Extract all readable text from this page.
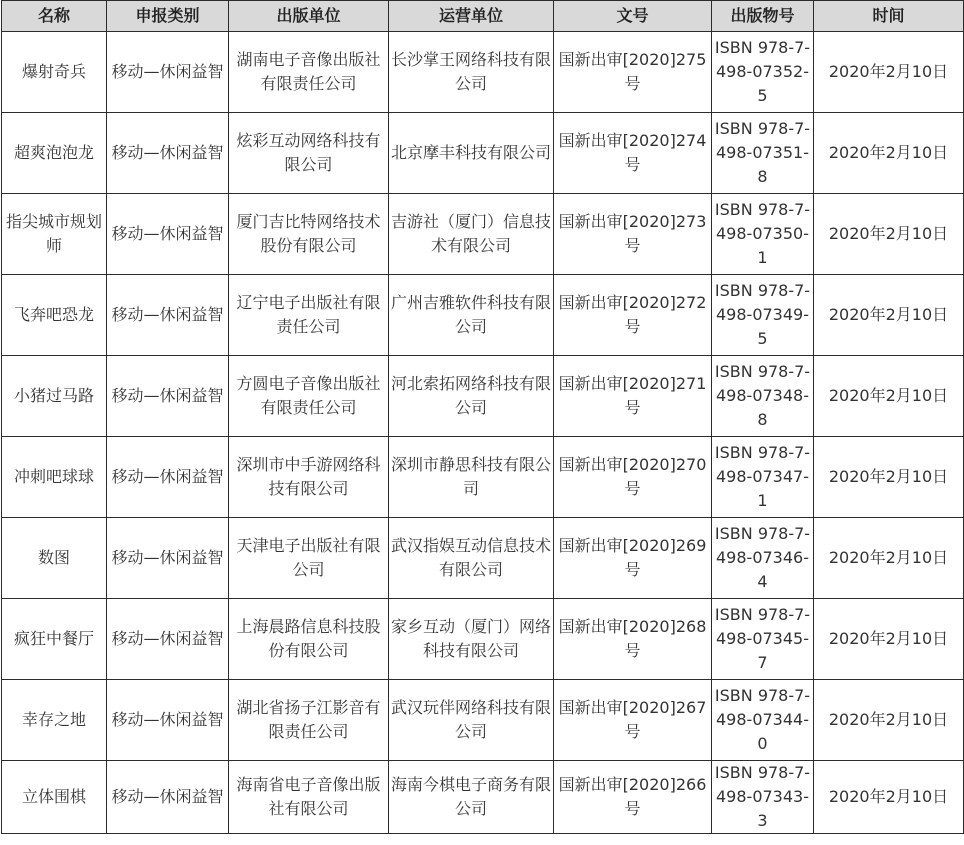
名称	申报类别	出版单位	运营单位	文号	出版物号	时间
爆射奇兵	移动—休闲益智	湖南电子音像出版社有限责任公司	长沙掌王网络科技有限公司	国新出审[2020]275号	ISBN 978-7-498-07352-5	2020年2月10日
超爽泡泡龙	移动—休闲益智	炫彩互动网络科技有限公司	北京摩丰科技有限公司	国新出审[2020]274号	ISBN 978-7-498-07351-8	2020年2月10日
指尖城市规划师	移动—休闲益智	厦门吉比特网络技术股份有限公司	吉游社（厦门）信息技术有限公司	国新出审[2020]273号	ISBN 978-7-498-07350-1	2020年2月10日
飞奔吧恐龙	移动—休闲益智	辽宁电子出版社有限责任公司	广州吉雅软件科技有限公司	国新出审[2020]272号	ISBN 978-7-498-07349-5	2020年2月10日
小猪过马路	移动—休闲益智	方圆电子音像出版社有限责任公司	河北索拓网络科技有限公司	国新出审[2020]271号	ISBN 978-7-498-07348-8	2020年2月10日
冲刺吧球球	移动—休闲益智	深圳市中手游网络科技有限公司	深圳市静思科技有限公司	国新出审[2020]270号	ISBN 978-7-498-07347-1	2020年2月10日
数图	移动—休闲益智	天津电子出版社有限公司	武汉指娱互动信息技术有限公司	国新出审[2020]269号	ISBN 978-7-498-07346-4	2020年2月10日
疯狂中餐厅	移动—休闲益智	上海晨路信息科技股份有限公司	家乡互动（厦门）网络科技有限公司	国新出审[2020]268号	ISBN 978-7-498-07345-7	2020年2月10日
幸存之地	移动—休闲益智	湖北省扬子江影音有限责任公司	武汉玩伴网络科技有限公司	国新出审[2020]267号	ISBN 978-7-498-07344-0	2020年2月10日
立体围棋	移动—休闲益智	海南省电子音像出版社有限公司	海南今棋电子商务有限公司	国新出审[2020]266号	ISBN 978-7-498-07343-3	2020年2月10日
